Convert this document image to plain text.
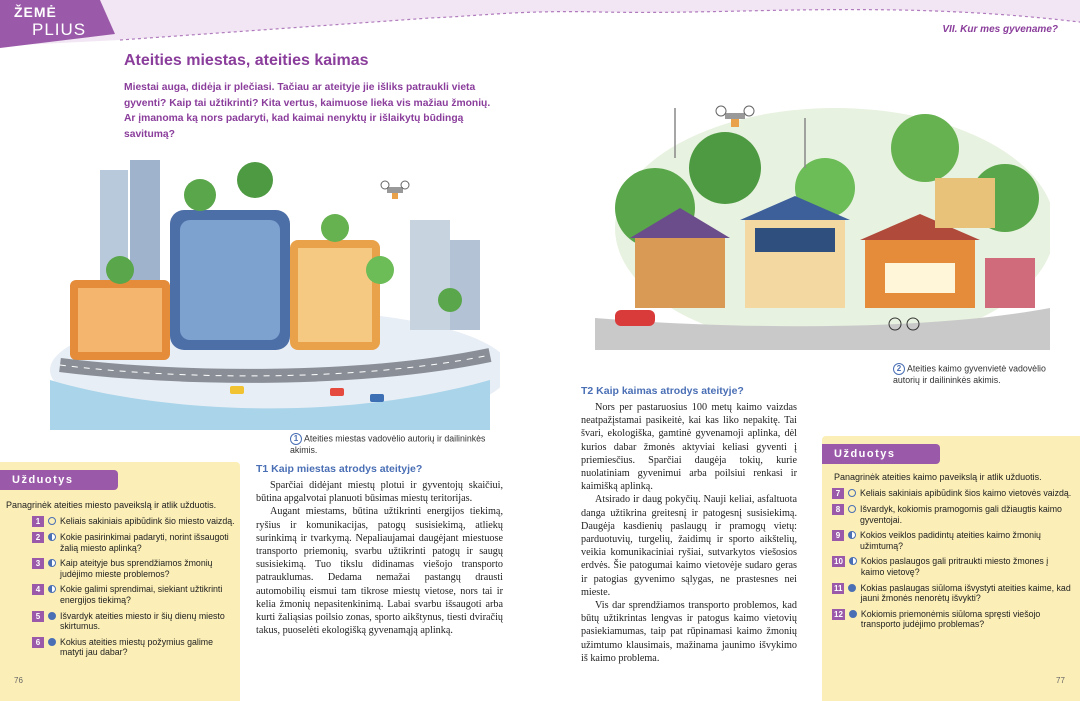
ŽEMĖ
PLIUS	VII. Kur mes gyvename?
Ateities miestas, ateities kaimas
Miestai auga, didėja ir plečiasi. Tačiau ar ateityje jie išliks patraukli vieta gyventi? Kaip tai užtikrinti? Kita vertus, kaimuose lieka vis mažiau žmonių. Ar įmanoma ką nors padaryti, kad kaimai nenyktų ir išlaikytų būdingą savitumą?
1 Ateities miestas vadovėlio autorių ir dailininkės akimis.
2 Ateities kaimo gyvenvietė vadovėlio autorių ir dailininkės akimis.
T1 Kaip miestas atrodys ateityje?

Sparčiai didėjant miestų plotui ir gyventojų skaičiui, būtina apgalvotai planuoti būsimas miestų teritorijas.

Augant miestams, būtina užtikrinti energijos tiekimą, ryšius ir komunikacijas, patogų susisiekimą, atliekų surinkimą ir tvarkymą. Nepaliaujamai daugėjant miestuose transporto priemonių, svarbu užtikrinti patogų ir saugų susisiekimą. Tuo tikslu didinamas viešojo transporto patrauklumas. Dedama nemažai pastangų drausti automobilių eismui tam tikrose miestų vietose, nors tai ir kelia žmonių nepasitenkinimą. Labai svarbu išsaugoti arba kurti žaliąsias poilsio zonas, sporto aikštynus, tiesti dviračių takus, puoselėti ekologišką gyvenamąją aplinką.

T2 Kaip kaimas atrodys ateityje?

Nors per pastaruosius 100 metų kaimo vaizdas neatpažįstamai pasikeitė, kai kas liko nepakitę. Tai švari, ekologiška, gamtinė gyvenamoji aplinka, dėl kurios dabar žmonės aktyviai keliasi gyventi į priemiesčius. Sparčiai daugėja tokių, kurie nuolatiniam gyvenimui arba poilsiui renkasi ir kaimišką aplinką.

Atsirado ir daug pokyčių. Nauji keliai, asfaltuota danga užtikrina greitesnį ir patogesnį susisiekimą. Daugėja kasdienių paslaugų ir pramogų vietų: parduotuvių, turgelių, žaidimų ir sporto aikštelių, veikia komunikaciniai ryšiai, sutvarkytos viešosios erdvės. Šie patogumai kaimo vietovėje sudaro geras ir patogias gyvenimo sąlygas, ne prastesnes nei mieste.

Vis dar sprendžiamos transporto problemos, kad būtų užtikrintas lengvas ir patogus kaimo vietovių pasiekiamumas, taip pat rūpinamasi kaimo žmonių užimtumo klausimais, mažinama jaunimo išvykimo iš kaimo problema.

Užduotys
Panagrinėk ateities miesto paveikslą ir atlik užduotis.
1	Keliais sakiniais apibūdink šio miesto vaizdą.
2	Kokie pasirinkimai padaryti, norint išsaugoti žalią miesto aplinką?
3	Kaip ateityje bus sprendžiamos žmonių judėjimo mieste problemos?
4	Kokie galimi sprendimai, siekiant užtikrinti energijos tiekimą?
5	Išvardyk ateities miesto ir šių dienų miesto skirtumus.
6	Kokius ateities miestų požymius galime matyti jau dabar?
76
Užduotys
Panagrinėk ateities kaimo paveikslą ir atlik užduotis.
7	Keliais sakiniais apibūdink šios kaimo vietovės vaizdą.
8	Išvardyk, kokiomis pramogomis gali džiaugtis kaimo gyventojai.
9	Kokios veiklos padidintų ateities kaimo žmonių užimtumą?
10 Kokios paslaugos gali pritraukti miesto žmones į kaimo vietovę?
11 Kokias paslaugas siūloma išvystyti ateities kaime, kad jauni žmonės nenorėtų išvykti?
12 Kokiomis priemonėmis siūloma spręsti viešojo transporto judėjimo problemas?
77
